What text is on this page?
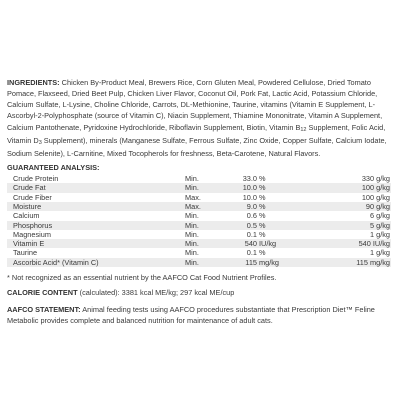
INGREDIENTS: Chicken By-Product Meal, Brewers Rice, Corn Gluten Meal, Powdered Cellulose, Dried Tomato Pomace, Flaxseed, Dried Beet Pulp, Chicken Liver Flavor, Coconut Oil, Pork Fat, Lactic Acid, Potassium Chloride, Calcium Sulfate, L-Lysine, Choline Chloride, Carrots, DL-Methionine, Taurine, vitamins (Vitamin E Supplement, L-Ascorbyl-2-Polyphosphate (source of Vitamin C), Niacin Supplement, Thiamine Mononitrate, Vitamin A Supplement, Calcium Pantothenate, Pyridoxine Hydrochloride, Riboflavin Supplement, Biotin, Vitamin B12 Supplement, Folic Acid, Vitamin D3 Supplement), minerals (Manganese Sulfate, Ferrous Sulfate, Zinc Oxide, Copper Sulfate, Calcium Iodate, Sodium Selenite), L-Carnitine, Mixed Tocopherols for freshness, Beta-Carotene, Natural Flavors.

GUARANTEED ANALYSIS:
Crude Protein	Min.	33.0	%	330 g/kg
Crude Fat	Min.	10.0	%	100 g/kg
Crude Fiber	Max.	10.0	%	100 g/kg
Moisture	Max.	9.0	%	90 g/kg
Calcium	Min.	0.6	%	6 g/kg
Phosphorus	Min.	0.5	%	5 g/kg
Magnesium	Min.	0.1	%	1 g/kg
Vitamin E	Min.	540	IU/kg	540 IU/kg
Taurine	Min.	0.1	%	1 g/kg
Ascorbic Acid* (Vitamin C)	Min.	115	mg/kg	115 mg/kg
* Not recognized as an essential nutrient by the AAFCO Cat Food Nutrient Profiles.
CALORIE CONTENT (calculated): 3381 kcal ME/kg; 297 kcal ME/cup
AAFCO STATEMENT: Animal feeding tests using AAFCO procedures substantiate that Prescription Diet™ Feline Metabolic provides complete and balanced nutrition for maintenance of adult cats.
